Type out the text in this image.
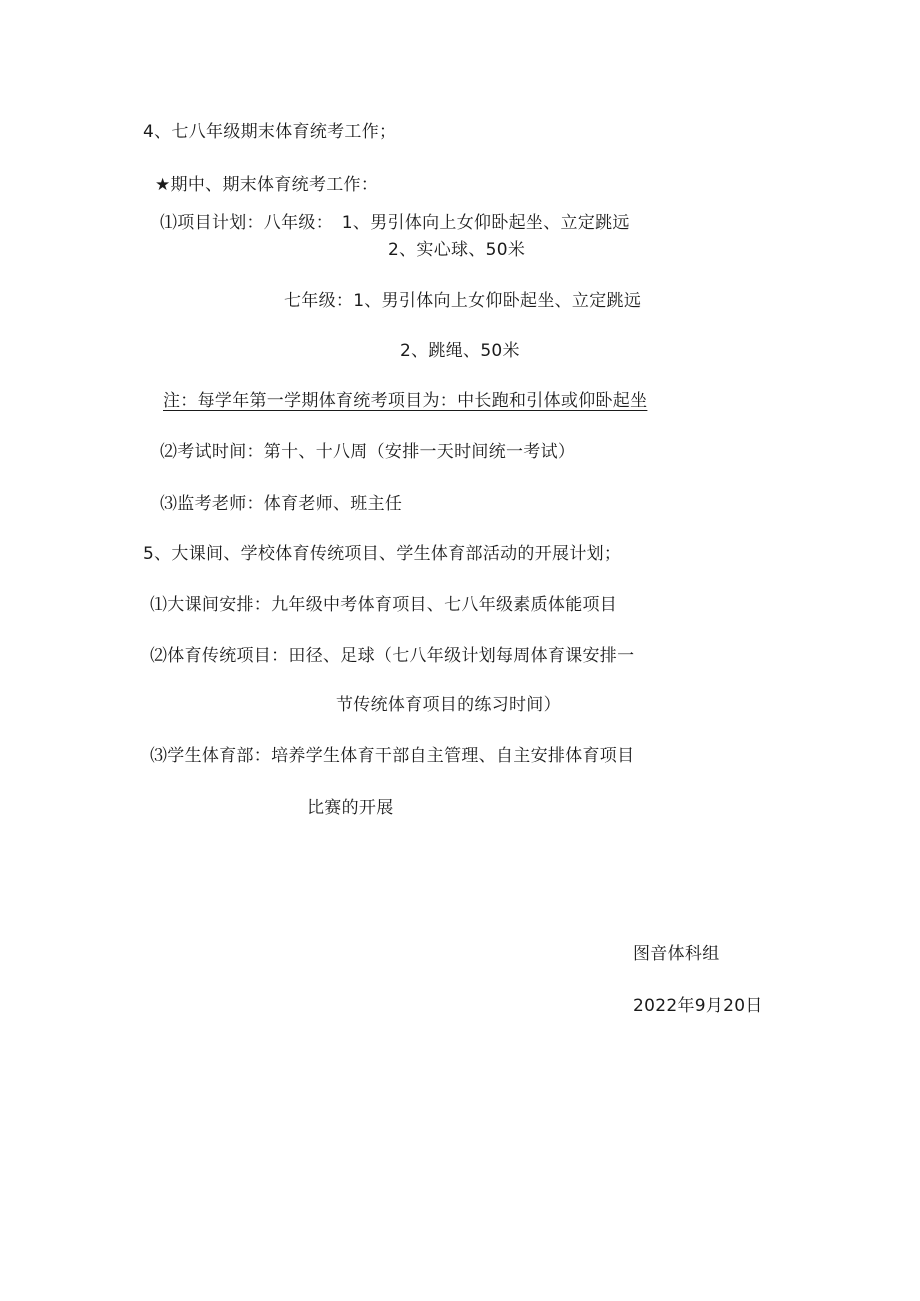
4、七八年级期末体育统考工作；
★期中、期末体育统考工作：
⑴项目计划：八年级：　1、男引体向上女仰卧起坐、立定跳远
2、实心球、50米
七年级：1、男引体向上女仰卧起坐、立定跳远
2、跳绳、50米
注：每学年第一学期体育统考项目为：中长跑和引体或仰卧起坐
⑵考试时间：第十、十八周（安排一天时间统一考试）
⑶监考老师：体育老师、班主任
5、大课间、学校体育传统项目、学生体育部活动的开展计划；
⑴大课间安排：九年级中考体育项目、七八年级素质体能项目
⑵体育传统项目：田径、足球（七八年级计划每周体育课安排一
节传统体育项目的练习时间）
⑶学生体育部：培养学生体育干部自主管理、自主安排体育项目
比赛的开展
图音体科组
2022年9月20日
